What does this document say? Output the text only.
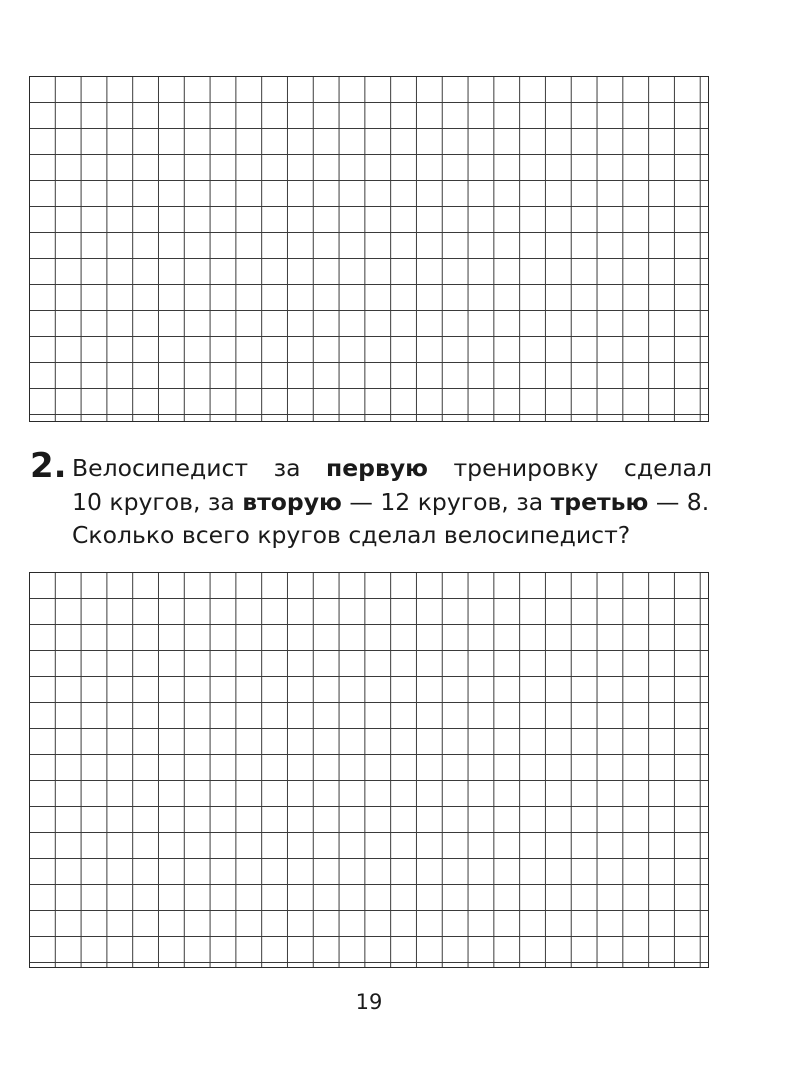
2. Велосипедист за первую тренировку сделал
10 кругов, за вторую — 12 кругов, за третью — 8.
Сколько всего кругов сделал велосипедист?
19
